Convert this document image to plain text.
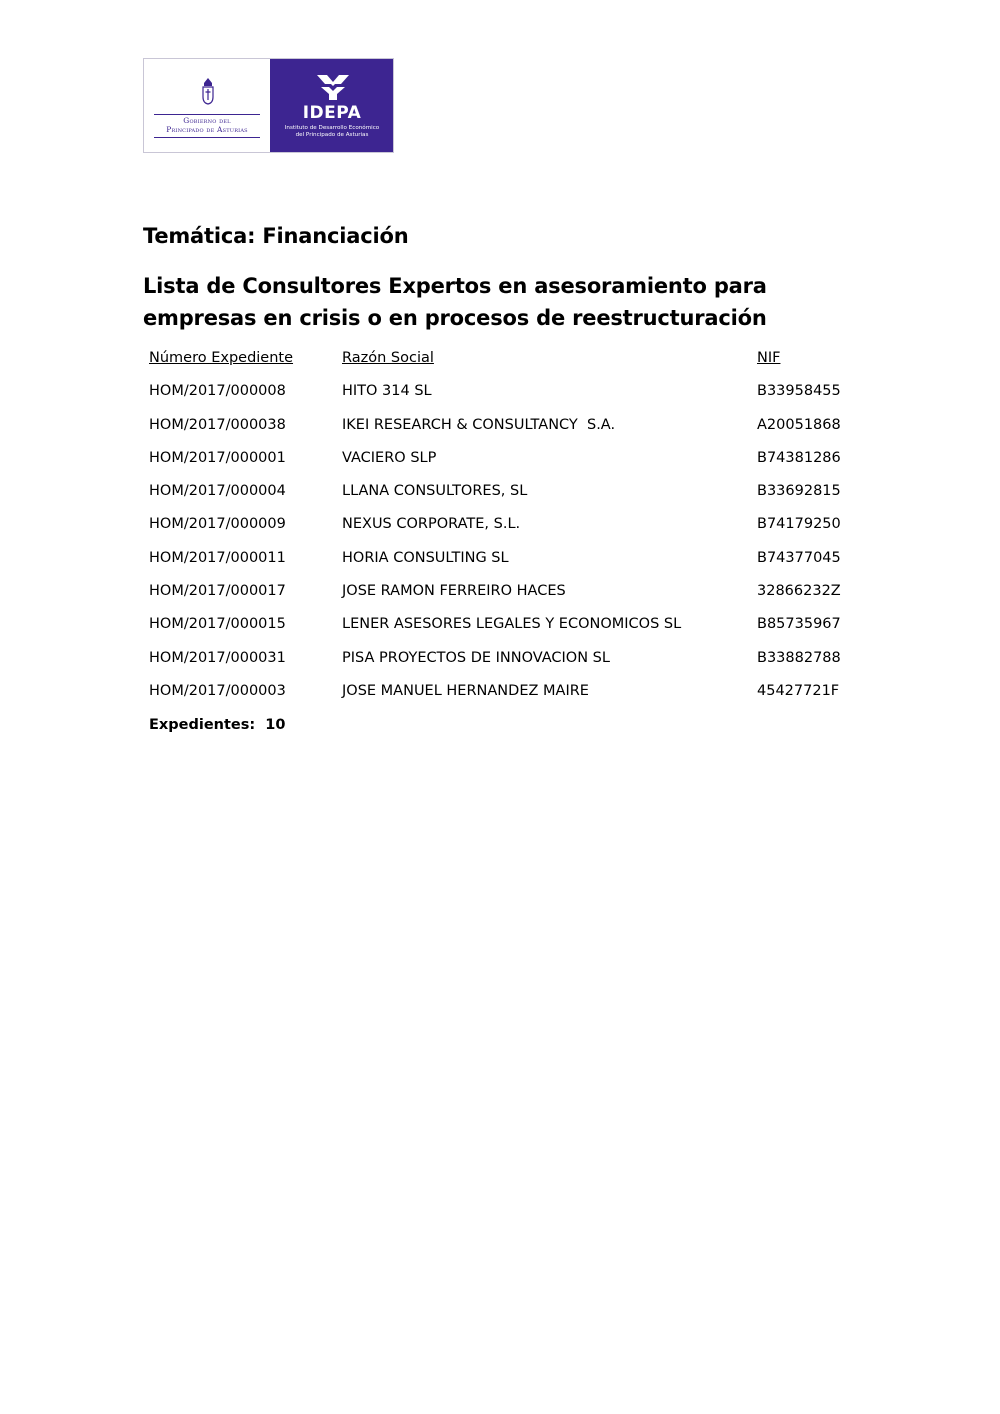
Gobierno del
Principado de Asturias
IDEPA
Instituto de Desarrollo Económico
del Principado de Asturias
Temática: Financiación
Lista de Consultores Expertos en asesoramiento para empresas en crisis o en procesos de reestructuración
Número Expediente	Razón Social	NIF
HOM/2017/000008	HITO 314 SL	B33958455
HOM/2017/000038	IKEI RESEARCH & CONSULTANCY  S.A.	A20051868
HOM/2017/000001	VACIERO SLP	B74381286
HOM/2017/000004	LLANA CONSULTORES, SL	B33692815
HOM/2017/000009	NEXUS CORPORATE, S.L.	B74179250
HOM/2017/000011	HORIA CONSULTING SL	B74377045
HOM/2017/000017	JOSE RAMON FERREIRO HACES	32866232Z
HOM/2017/000015	LENER ASESORES LEGALES Y ECONOMICOS SL	B85735967
HOM/2017/000031	PISA PROYECTOS DE INNOVACION SL	B33882788
HOM/2017/000003	JOSE MANUEL HERNANDEZ MAIRE	45427721F
Expedientes: 10
